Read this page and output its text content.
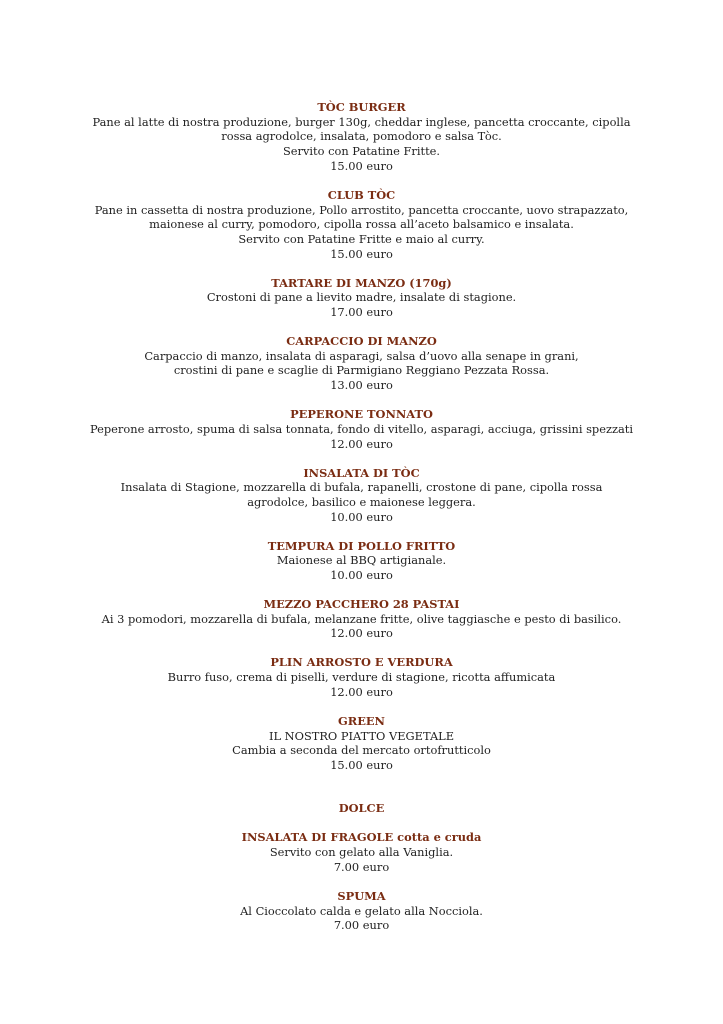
TÒC BURGER
Pane al latte di nostra produzione, burger 130g, cheddar inglese, pancetta croccante, cipolla
rossa agrodolce, insalata, pomodoro e salsa Tòc.
Servito con Patatine Fritte.
15.00 euro
CLUB TÒC
Pane in cassetta di nostra produzione, Pollo arrostito, pancetta croccante, uovo strapazzato,
maionese al curry, pomodoro, cipolla rossa all’aceto balsamico e insalata.
Servito con Patatine Fritte e maio al curry.
15.00 euro
TARTARE DI MANZO (170g)
Crostoni di pane a lievito madre, insalate di stagione.
17.00 euro
CARPACCIO DI MANZO
Carpaccio di manzo, insalata di asparagi, salsa d’uovo alla senape in grani,
crostini di pane e scaglie di Parmigiano Reggiano Pezzata Rossa.
13.00 euro
PEPERONE TONNATO
Peperone arrosto, spuma di salsa tonnata, fondo di vitello, asparagi, acciuga, grissini spezzati
12.00 euro
INSALATA DI TÒC
Insalata di Stagione, mozzarella di bufala, rapanelli, crostone di pane, cipolla rossa
agrodolce, basilico e maionese leggera.
10.00 euro
TEMPURA DI POLLO FRITTO
Maionese al BBQ artigianale.
10.00 euro
MEZZO PACCHERO 28 PASTAI
Ai 3 pomodori, mozzarella di bufala, melanzane fritte, olive taggiasche e pesto di basilico.
12.00 euro
PLIN ARROSTO E VERDURA
Burro fuso, crema di piselli, verdure di stagione, ricotta affumicata
12.00 euro
GREEN
IL NOSTRO PIATTO VEGETALE
Cambia a seconda del mercato ortofrutticolo
15.00 euro
DOLCE
INSALATA DI FRAGOLE cotta e cruda
Servito con gelato alla Vaniglia.
7.00 euro
SPUMA
Al Cioccolato calda e gelato alla Nocciola.
7.00 euro
